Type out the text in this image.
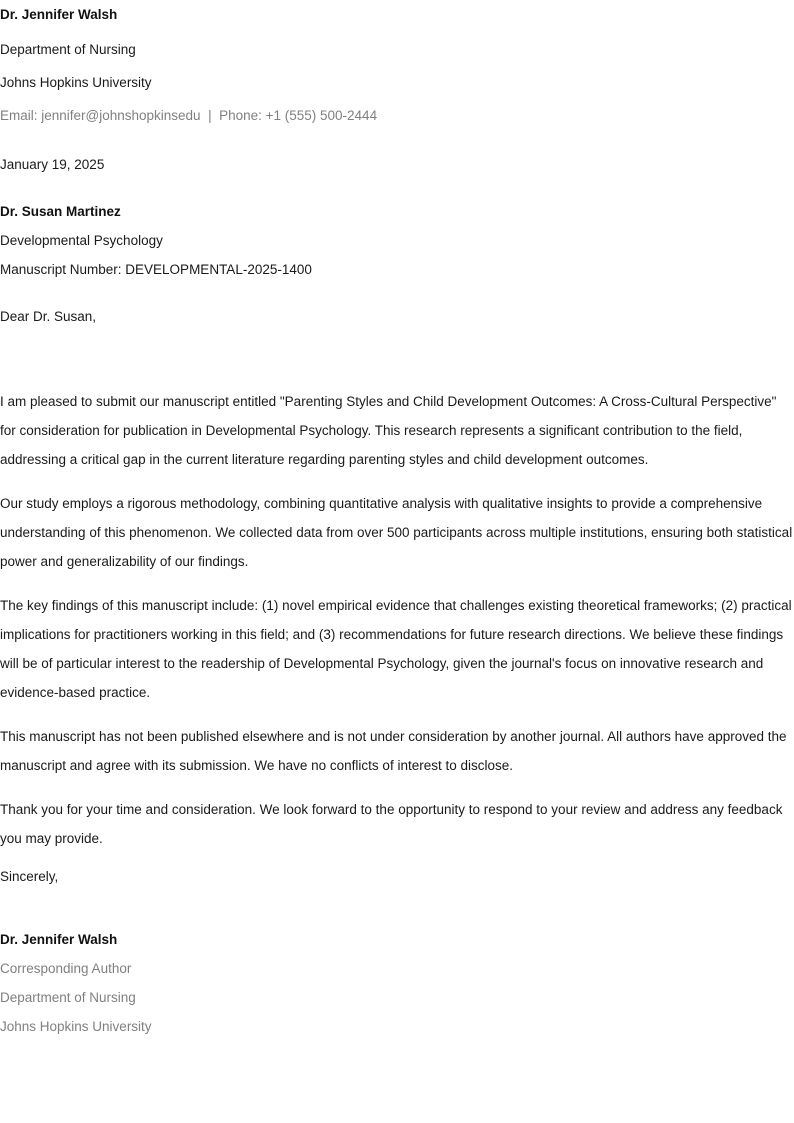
Dr. Jennifer Walsh
Department of Nursing
Johns Hopkins University
Email: jennifer@johnshopkinsedu  |  Phone: +1 (555) 500-2444
January 19, 2025
Dr. Susan Martinez
Developmental Psychology
Manuscript Number: DEVELOPMENTAL-2025-1400
Dear Dr. Susan,

I am pleased to submit our manuscript entitled "Parenting Styles and Child Development Outcomes: A Cross-Cultural Perspective" for consideration for publication in Developmental Psychology. This research represents a significant contribution to the field, addressing a critical gap in the current literature regarding parenting styles and child development outcomes.

Our study employs a rigorous methodology, combining quantitative analysis with qualitative insights to provide a comprehensive understanding of this phenomenon. We collected data from over 500 participants across multiple institutions, ensuring both statistical power and generalizability of our findings.

The key findings of this manuscript include: (1) novel empirical evidence that challenges existing theoretical frameworks; (2) practical implications for practitioners working in this field; and (3) recommendations for future research directions. We believe these findings will be of particular interest to the readership of Developmental Psychology, given the journal's focus on innovative research and evidence-based practice.

This manuscript has not been published elsewhere and is not under consideration by another journal. All authors have approved the manuscript and agree with its submission. We have no conflicts of interest to disclose.

Thank you for your time and consideration. We look forward to the opportunity to respond to your review and address any feedback you may provide.

Sincerely,
Dr. Jennifer Walsh
Corresponding Author
Department of Nursing
Johns Hopkins University
